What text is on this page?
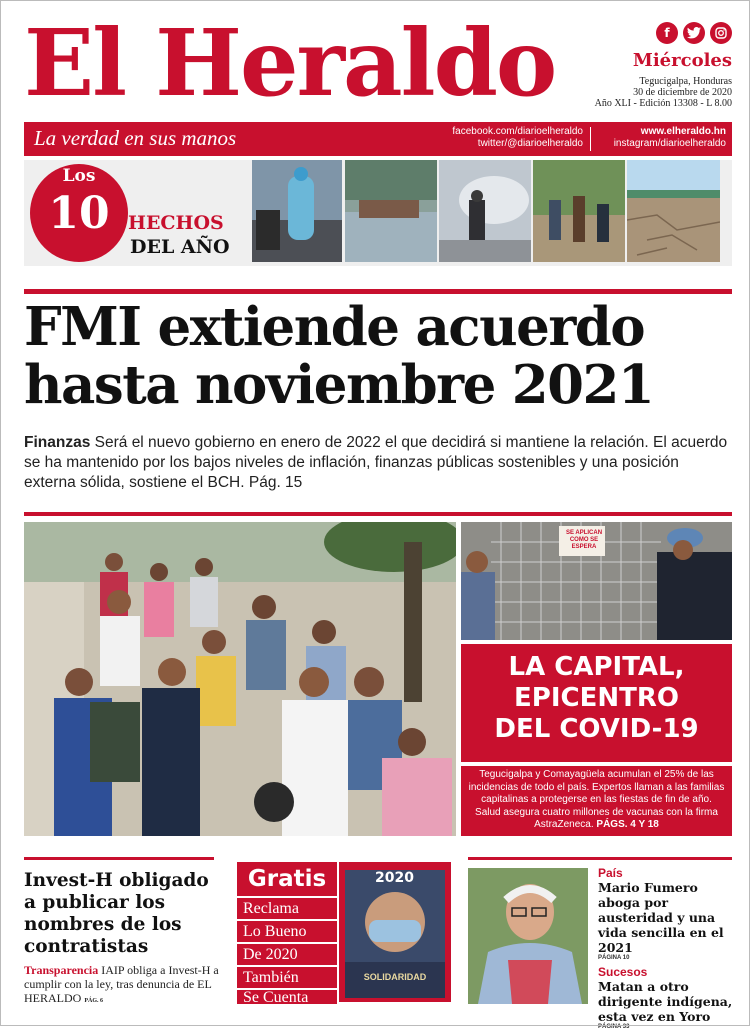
El Heraldo	f
Miércoles
Tegucigalpa, Honduras
30 de diciembre de 2020
Año XLI - Edición 13308 - L 8.00
La verdad en sus manos	facebook.com/diarioelheraldo
twitter/@diarioelheraldo
www.elheraldo.hn
instagram/diarioelheraldo
Los
10 HECHOS
DEL AÑO
FMI extiende acuerdo
hasta noviembre 2021
Finanzas Será el nuevo gobierno en enero de 2022 el que decidirá si mantiene la relación. El acuerdo se ha mantenido por los bajos niveles de inflación, finanzas públicas sostenibles y una posición externa sólida, sostiene el BCH. Pág. 15
SE APLICAN COMO SE ESPERA
LA CAPITAL,
EPICENTRO
DEL COVID-19
Tegucigalpa y Comayagüela acumulan el 25% de las incidencias de todo el país. Expertos llaman a las familias capitalinas a protegerse en las fiestas de fin de año. Salud asegura cuatro millones de vacunas con la firma AstraZeneca. PÁGS. 4 Y 18
Invest-H obligado a publicar los nombres de los contratistas
Transparencia IAIP obliga a Invest-H a cumplir con la ley, tras denuncia de EL HERALDO PÁG. 6
Gratis
Reclama
Lo Bueno
De 2020
También
Se Cuenta
2020
SOLIDARIDAD
País
Mario Fumero aboga por austeridad y una vida sencilla en el 2021
PÁGINA 10
Sucesos
Matan a otro dirigente indígena, esta vez en Yoro
PÁGINA 33
